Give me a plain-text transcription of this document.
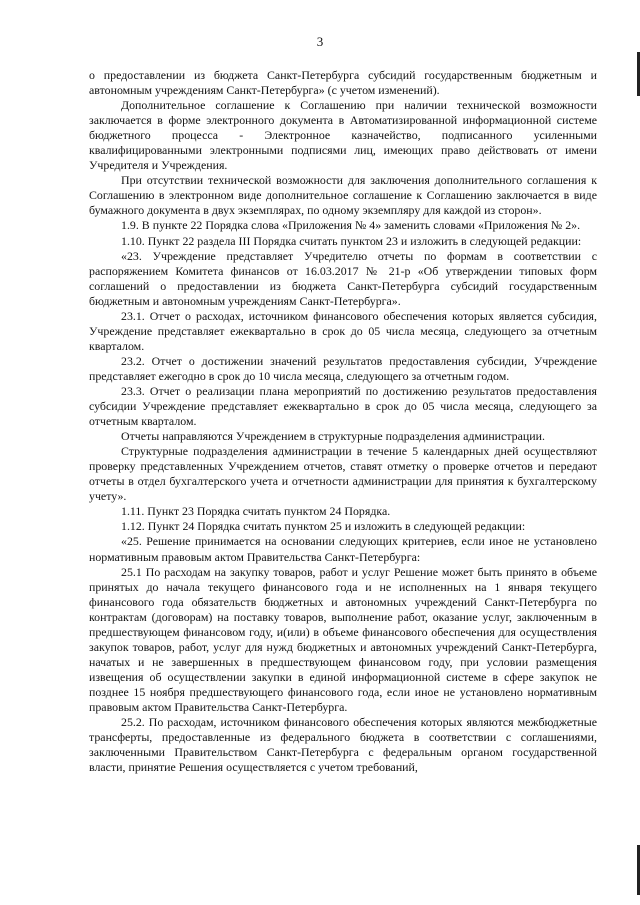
3

о предоставлении из бюджета Санкт-Петербурга субсидий государственным бюджетным и автономным учреждениям Санкт-Петербурга» (с учетом изменений).

Дополнительное соглашение к Соглашению при наличии технической возможности заключается в форме электронного документа в Автоматизированной информационной системе бюджетного процесса - Электронное казначейство, подписанного усиленными квалифицированными электронными подписями лиц, имеющих право действовать от имени Учредителя и Учреждения.

При отсутствии технической возможности для заключения дополнительного соглашения к Соглашению в электронном виде дополнительное соглашение к Соглашению заключается в виде бумажного документа в двух экземплярах, по одному экземпляру для каждой из сторон».

1.9. В пункте 22 Порядка слова «Приложения № 4» заменить словами «Приложения № 2».

1.10. Пункт 22 раздела III Порядка считать пунктом 23 и изложить в следующей редакции:

«23. Учреждение представляет Учредителю отчеты по формам в соответствии с распоряжением Комитета финансов от 16.03.2017 № 21-р «Об утверждении типовых форм соглашений о предоставлении из бюджета Санкт-Петербурга субсидий государственным бюджетным и автономным учреждениям Санкт-Петербурга».

23.1. Отчет о расходах, источником финансового обеспечения которых является субсидия, Учреждение представляет ежеквартально в срок до 05 числа месяца, следующего за отчетным кварталом.

23.2. Отчет о достижении значений результатов предоставления субсидии, Учреждение представляет ежегодно в срок до 10 числа месяца, следующего за отчетным годом.

23.3. Отчет о реализации плана мероприятий по достижению результатов предоставления субсидии Учреждение представляет ежеквартально в срок до 05 числа месяца, следующего за отчетным кварталом.

Отчеты направляются Учреждением в структурные подразделения администрации.

Структурные подразделения администрации в течение 5 календарных дней осуществляют проверку представленных Учреждением отчетов, ставят отметку о проверке отчетов и передают отчеты в отдел бухгалтерского учета и отчетности администрации для принятия к бухгалтерскому учету».

1.11. Пункт 23 Порядка считать пунктом 24 Порядка.

1.12. Пункт 24 Порядка считать пунктом 25 и изложить в следующей редакции:

«25. Решение принимается на основании следующих критериев, если иное не установлено нормативным правовым актом Правительства Санкт-Петербурга:

25.1 По расходам на закупку товаров, работ и услуг Решение может быть принято в объеме принятых до начала текущего финансового года и не исполненных на 1 января текущего финансового года обязательств бюджетных и автономных учреждений Санкт-Петербурга по контрактам (договорам) на поставку товаров, выполнение работ, оказание услуг, заключенным в предшествующем финансовом году, и(или) в объеме финансового обеспечения для осуществления закупок товаров, работ, услуг для нужд бюджетных и автономных учреждений Санкт-Петербурга, начатых и не завершенных в предшествующем финансовом году, при условии размещения извещения об осуществлении закупки в единой информационной системе в сфере закупок не позднее 15 ноября предшествующего финансового года, если иное не установлено нормативным правовым актом Правительства Санкт-Петербурга.

25.2. По расходам, источником финансового обеспечения которых являются межбюджетные трансферты, предоставленные из федерального бюджета в соответствии с соглашениями, заключенными Правительством Санкт-Петербурга с федеральным органом государственной власти, принятие Решения осуществляется с учетом требований,
